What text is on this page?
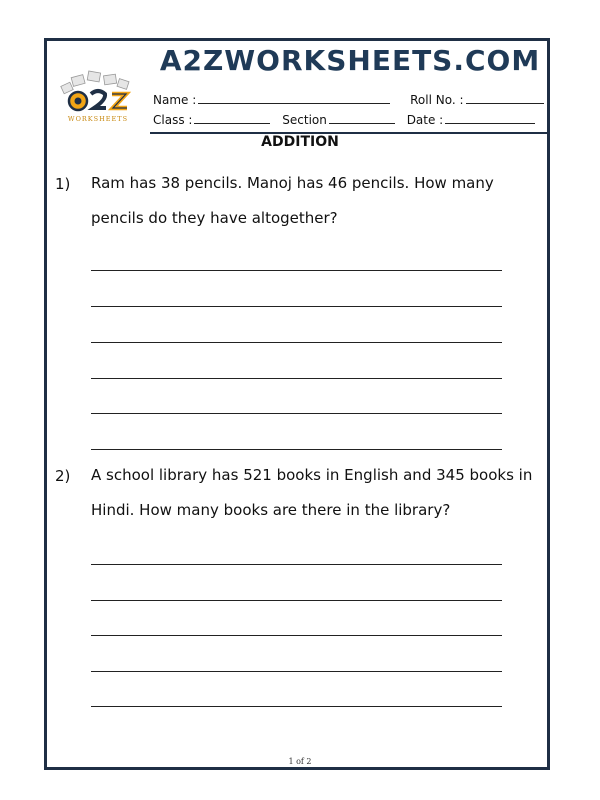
A2ZWORKSHEETS.COM
WORKSHEETS
Name :	Roll No. :
Class :	Section	Date :
ADDITION
1) Ram has 38 pencils. Manoj has 46 pencils. How many pencils do they have altogether?
2) A school library has 521 books in English and 345 books in Hindi. How many books are there in the library?
1 of 2
